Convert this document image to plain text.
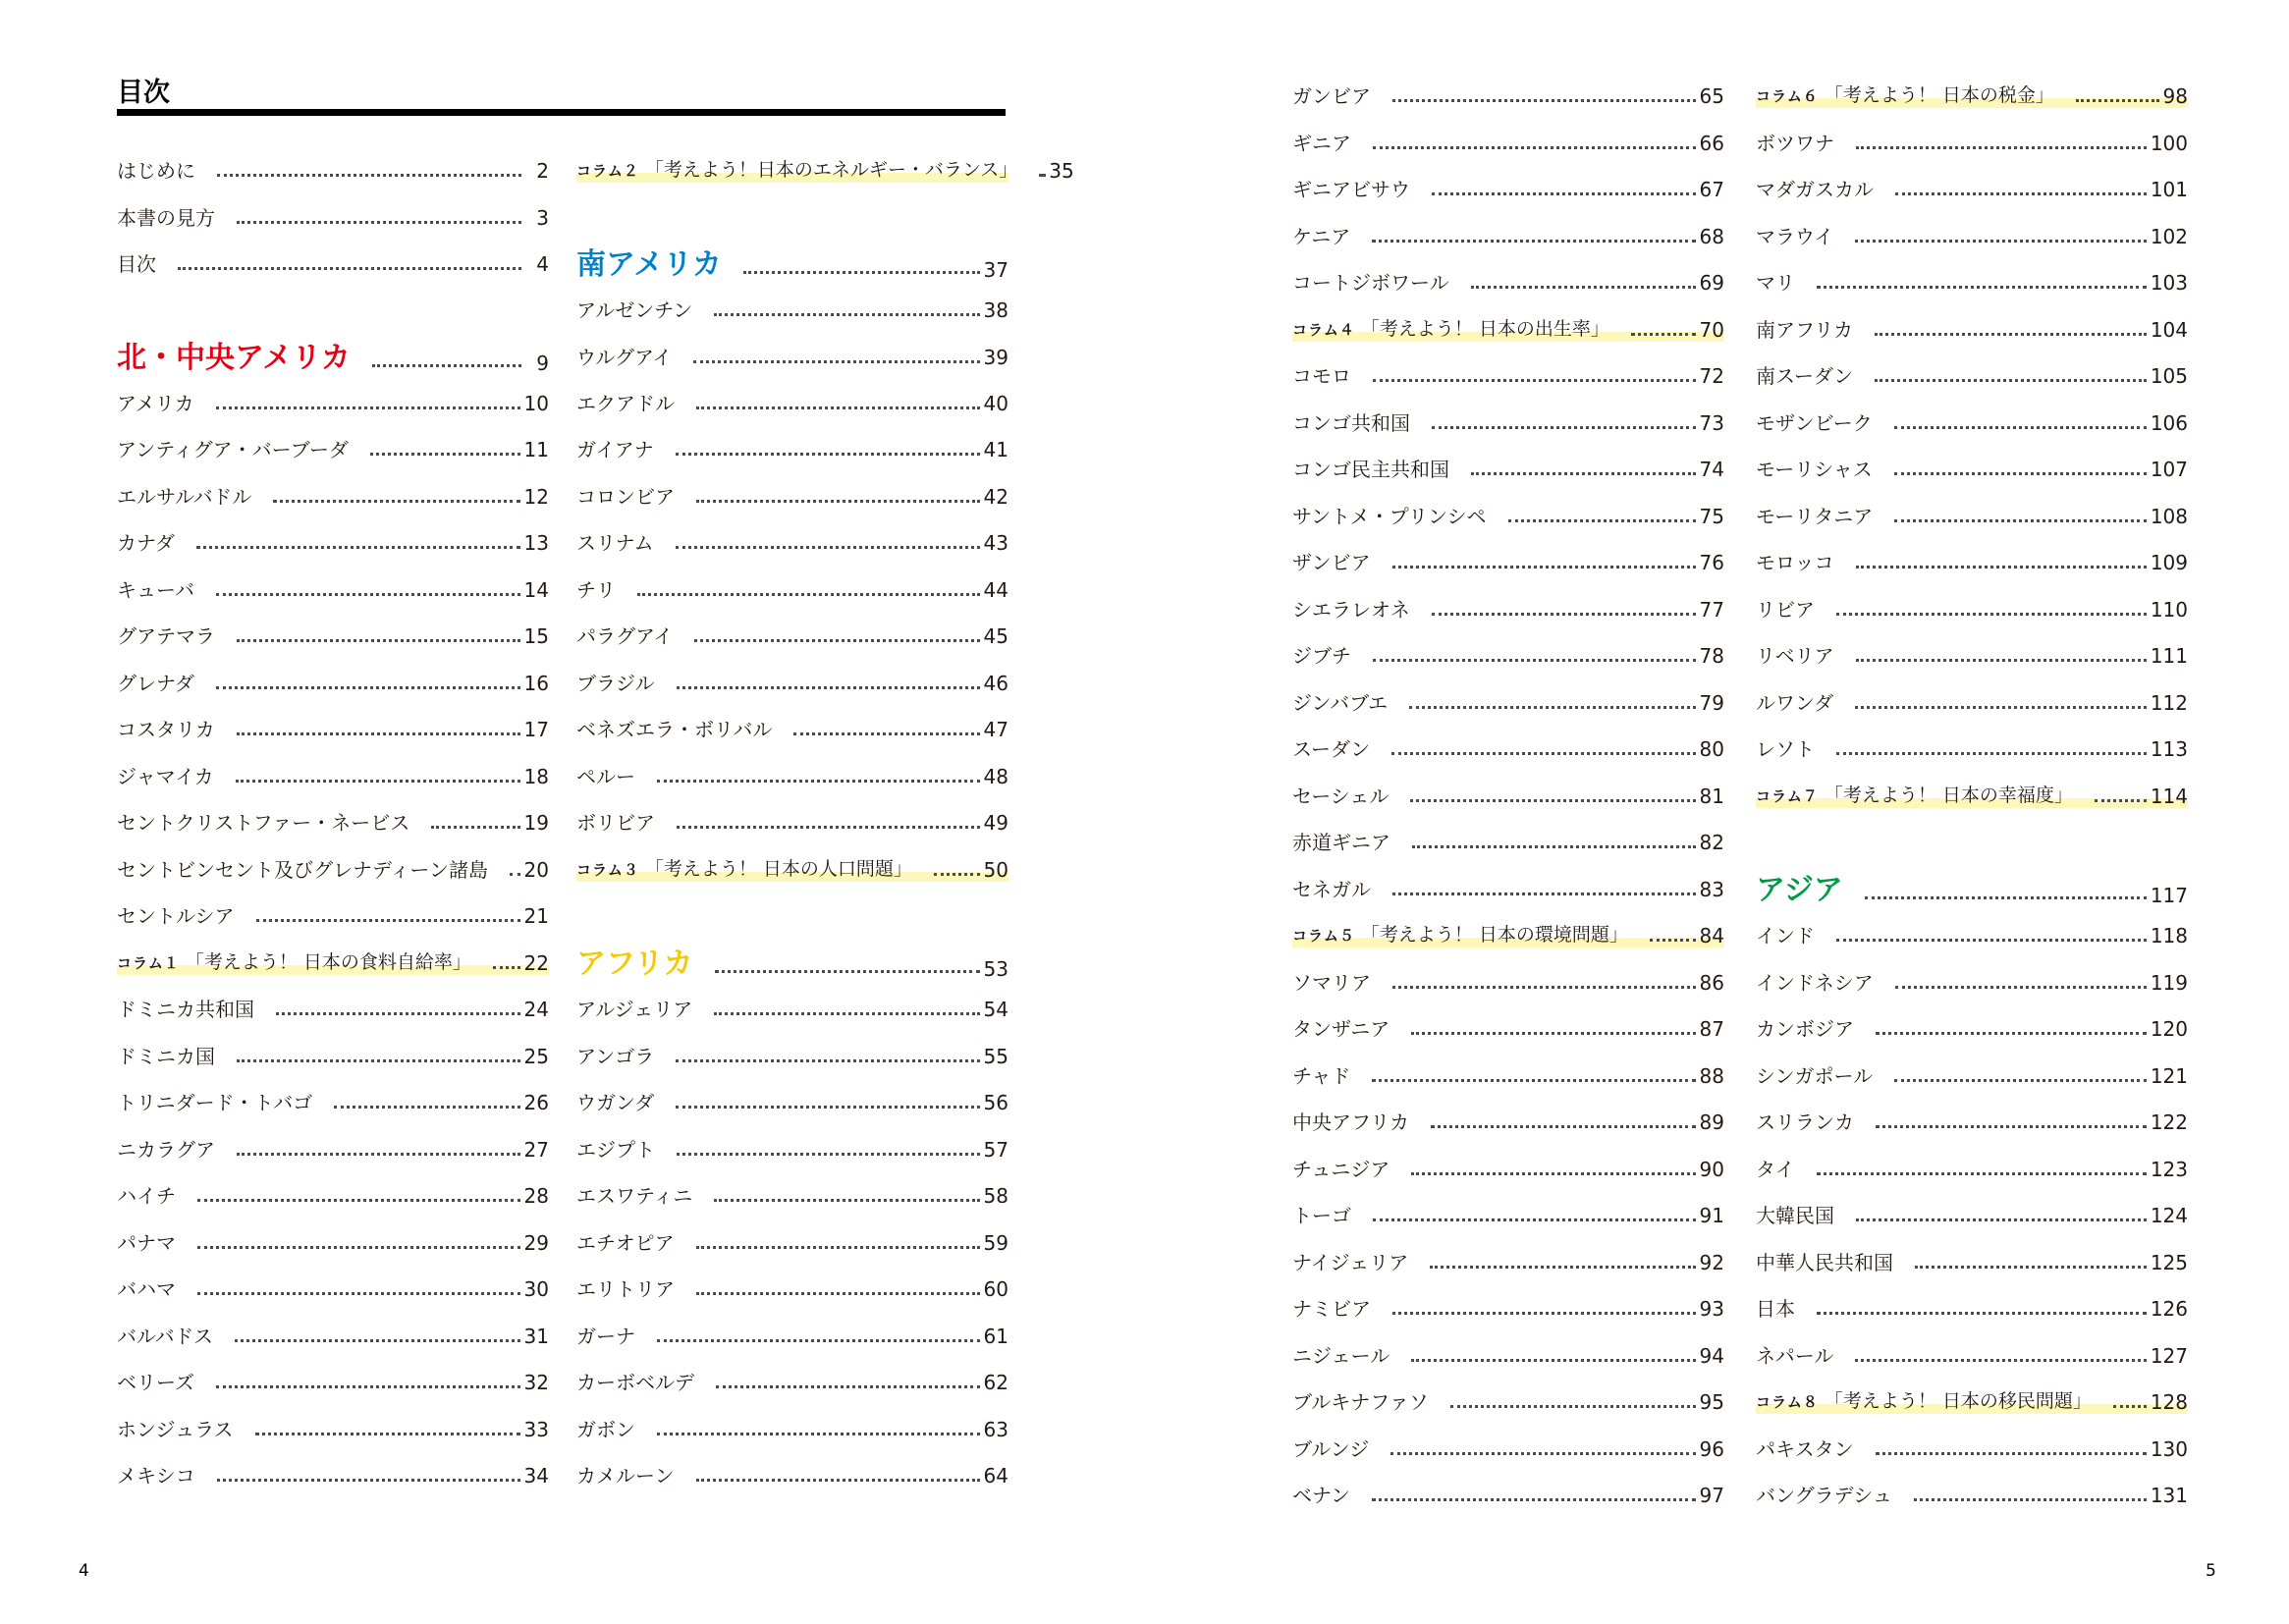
目次
はじめに	2
本書の見方	3
目次	4
北・中央アメリカ	9
アメリカ	10
アンティグア・バーブーダ	11
エルサルバドル	12
カナダ	13
キューバ	14
グアテマラ	15
グレナダ	16
コスタリカ	17
ジャマイカ	18
セントクリストファー・ネービス	19
セントビンセント及びグレナディーン諸島 20
セントルシア	21
コラム１ 「考えよう！ 日本の食料自給率」	22
ドミニカ共和国	24
ドミニカ国	25
トリニダード・トバゴ	26
ニカラグア	27
ハイチ	28
パナマ	29
バハマ	30
バルバドス	31
ベリーズ	32
ホンジュラス	33
メキシコ	34
コラム２ 「考えよう！日本のエネルギー・バランス」 35
南アメリカ	37
アルゼンチン	38
ウルグアイ	39
エクアドル	40
ガイアナ	41
コロンビア	42
スリナム	43
チリ	44
パラグアイ	45
ブラジル	46
ベネズエラ・ボリバル	47
ペルー	48
ボリビア	49
コラム３ 「考えよう！ 日本の人口問題」	50
アフリカ	53
アルジェリア	54
アンゴラ	55
ウガンダ	56
エジプト	57
エスワティニ	58
エチオピア	59
エリトリア	60
ガーナ	61
カーボベルデ	62
ガボン	63
カメルーン	64
ガンビア	65
ギニア	66
ギニアビサウ	67
ケニア	68
コートジボワール	69
コラム４ 「考えよう！ 日本の出生率」	70
コモロ	72
コンゴ共和国	73
コンゴ民主共和国	74
サントメ・プリンシペ	75
ザンビア	76
シエラレオネ	77
ジブチ	78
ジンバブエ	79
スーダン	80
セーシェル	81
赤道ギニア	82
セネガル	83
コラム５ 「考えよう！ 日本の環境問題」	84
ソマリア	86
タンザニア	87
チャド	88
中央アフリカ	89
チュニジア	90
トーゴ	91
ナイジェリア	92
ナミビア	93
ニジェール	94
ブルキナファソ	95
ブルンジ	96
ベナン	97
コラム６ 「考えよう！ 日本の税金」	98
ボツワナ	100
マダガスカル	101
マラウイ	102
マリ	103
南アフリカ	104
南スーダン	105
モザンビーク	106
モーリシャス	107
モーリタニア	108
モロッコ	109
リビア	110
リベリア	111
ルワンダ	112
レソト	113
コラム７ 「考えよう！ 日本の幸福度」	114
アジア	117
インド	118
インドネシア	119
カンボジア	120
シンガポール	121
スリランカ	122
タイ	123
大韓民国	124
中華人民共和国	125
日本	126
ネパール	127
コラム８ 「考えよう！ 日本の移民問題」	128
パキスタン	130
バングラデシュ	131
4	5
